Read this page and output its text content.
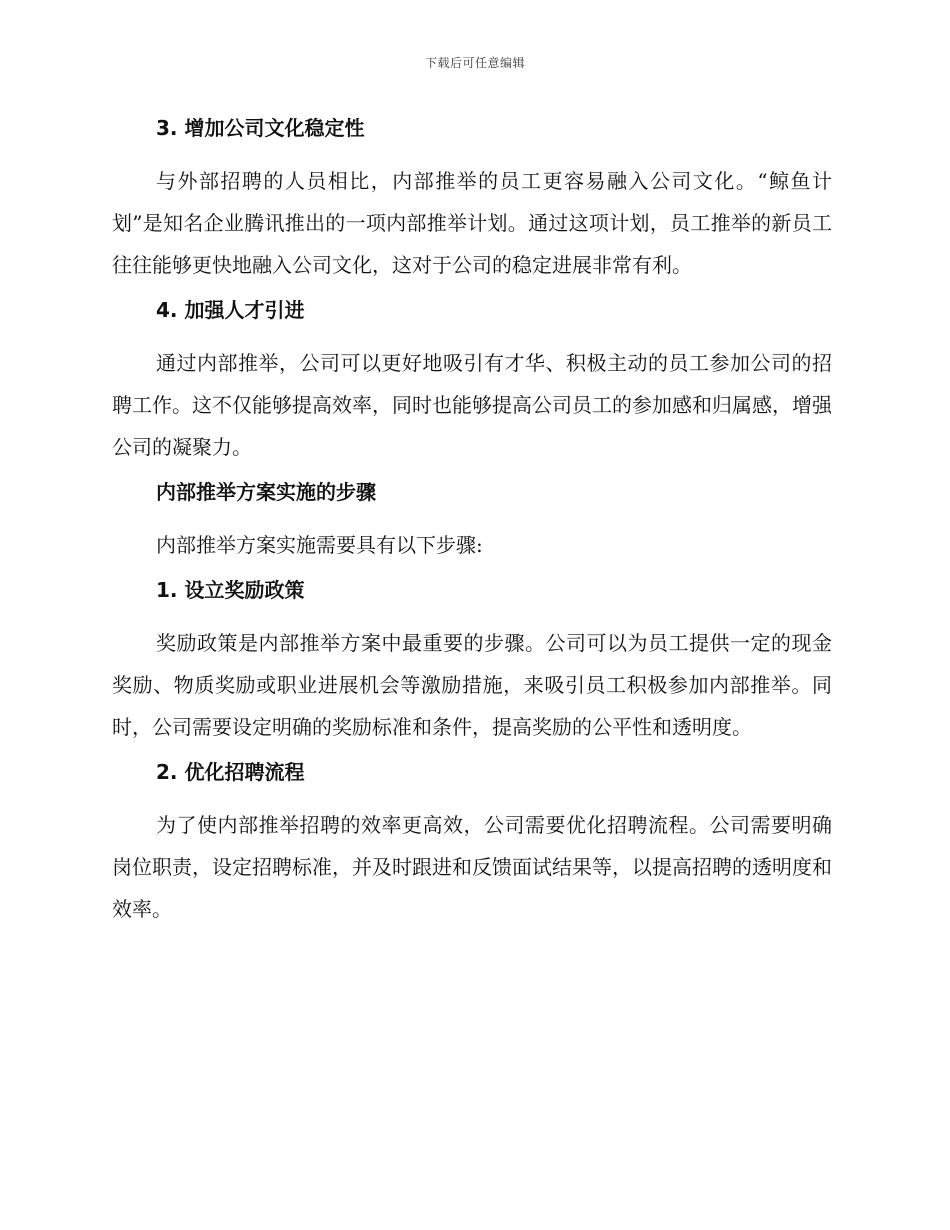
下载后可任意编辑
3. 增加公司文化稳定性

与外部招聘的人员相比，内部推举的员工更容易融入公司文化。“鲸鱼计划”是知名企业腾讯推出的一项内部推举计划。通过这项计划，员工推举的新员工往往能够更快地融入公司文化，这对于公司的稳定进展非常有利。

4. 加强人才引进

通过内部推举，公司可以更好地吸引有才华、积极主动的员工参加公司的招聘工作。这不仅能够提高效率，同时也能够提高公司员工的参加感和归属感，增强公司的凝聚力。

内部推举方案实施的步骤

内部推举方案实施需要具有以下步骤:

1. 设立奖励政策

奖励政策是内部推举方案中最重要的步骤。公司可以为员工提供一定的现金奖励、物质奖励或职业进展机会等激励措施，来吸引员工积极参加内部推举。同时，公司需要设定明确的奖励标准和条件，提高奖励的公平性和透明度。

2. 优化招聘流程

为了使内部推举招聘的效率更高效，公司需要优化招聘流程。公司需要明确岗位职责，设定招聘标准，并及时跟进和反馈面试结果等，以提高招聘的透明度和效率。
